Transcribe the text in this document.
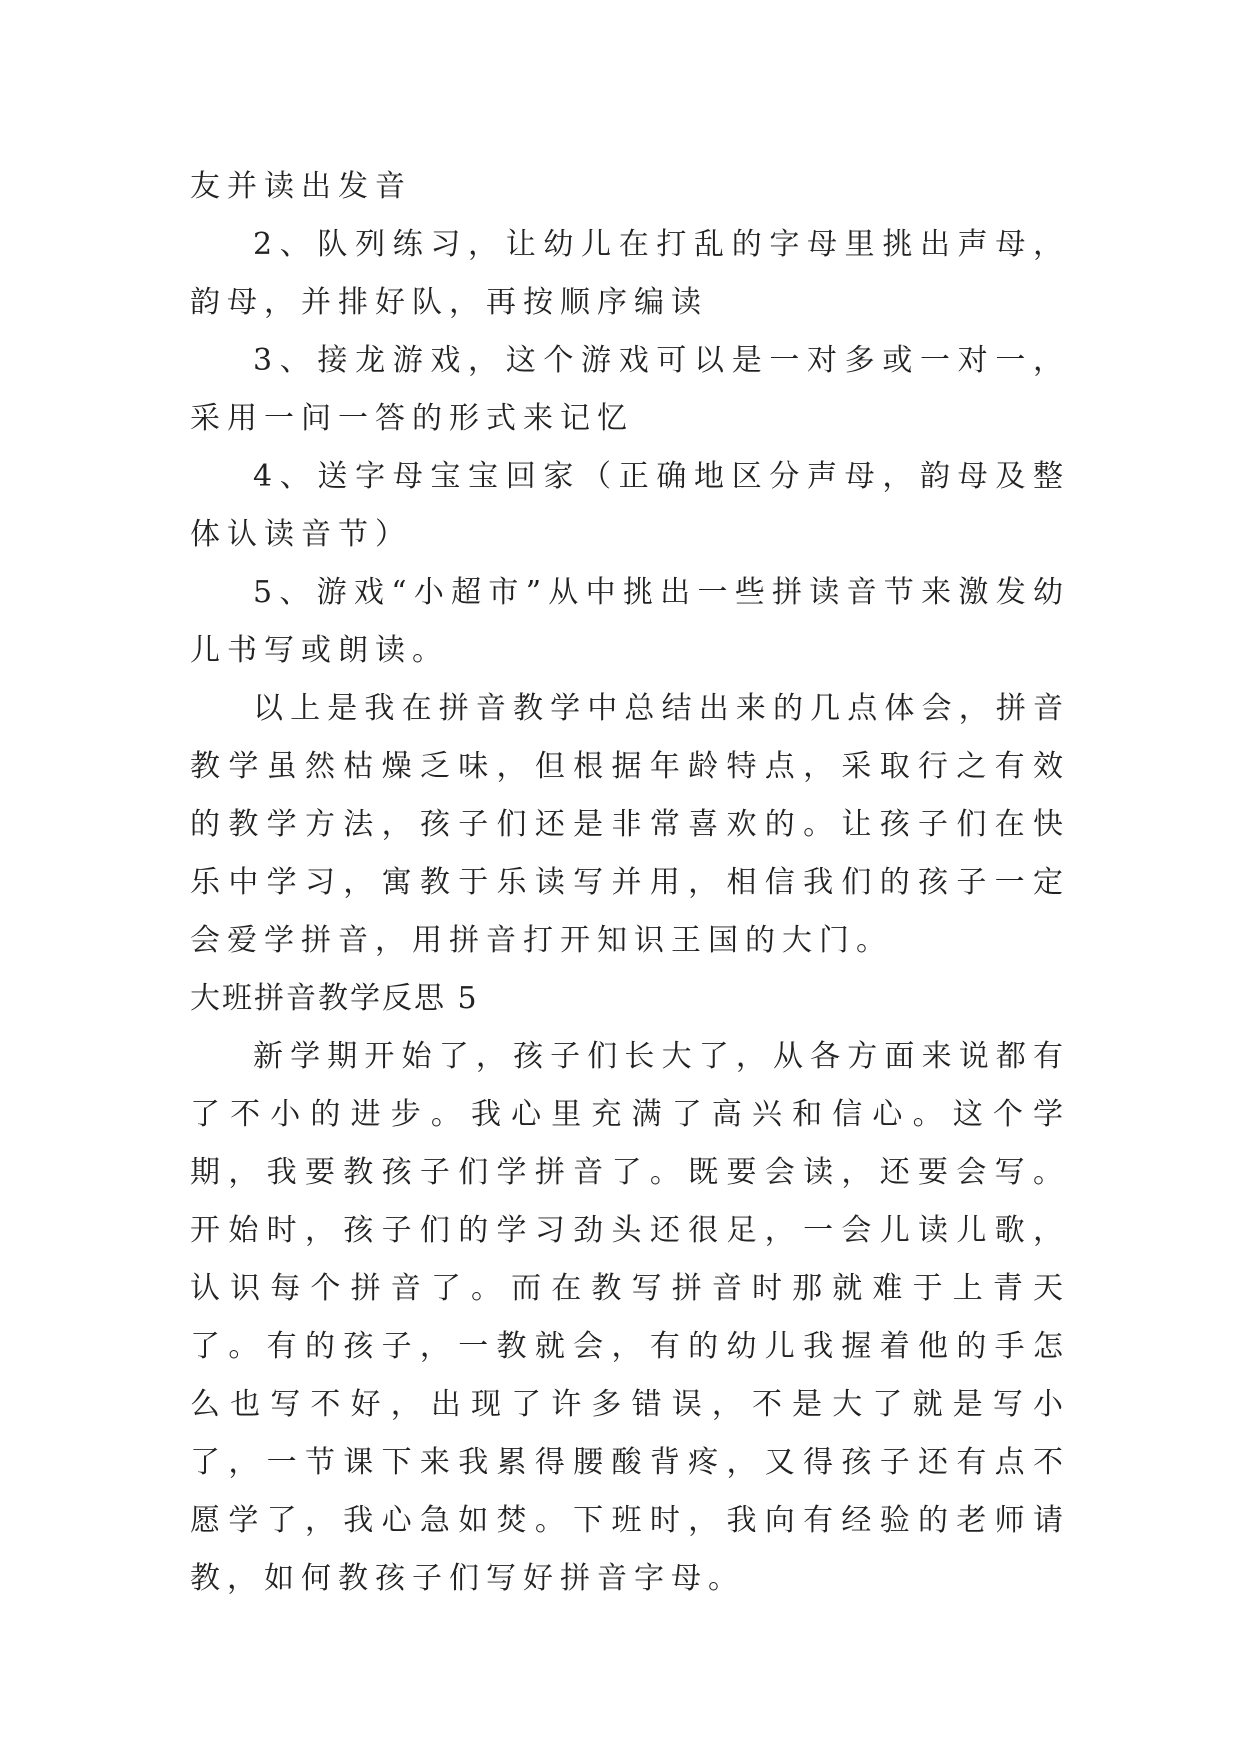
友并读出发音

2、队列练习，让幼儿在打乱的字母里挑出声母，韵母，并排好队，再按顺序编读

3、接龙游戏，这个游戏可以是一对多或一对一，采用一问一答的形式来记忆

4、送字母宝宝回家（正确地区分声母，韵母及整体认读音节）

5、游戏“小超市”从中挑出一些拼读音节来激发幼儿书写或朗读。

以上是我在拼音教学中总结出来的几点体会，拼音教学虽然枯燥乏味，但根据年龄特点，采取行之有效的教学方法，孩子们还是非常喜欢的。让孩子们在快乐中学习，寓教于乐读写并用，相信我们的孩子一定会爱学拼音，用拼音打开知识王国的大门。

大班拼音教学反思 5

新学期开始了，孩子们长大了，从各方面来说都有了不小的进步。我心里充满了高兴和信心。这个学期，我要教孩子们学拼音了。既要会读，还要会写。开始时，孩子们的学习劲头还很足，一会儿读儿歌，认识每个拼音了。而在教写拼音时那就难于上青天了。有的孩子，一教就会，有的幼儿我握着他的手怎么也写不好，出现了许多错误，不是大了就是写小了，一节课下来我累得腰酸背疼，又得孩子还有点不愿学了，我心急如焚。下班时，我向有经验的老师请教，如何教孩子们写好拼音字母。
